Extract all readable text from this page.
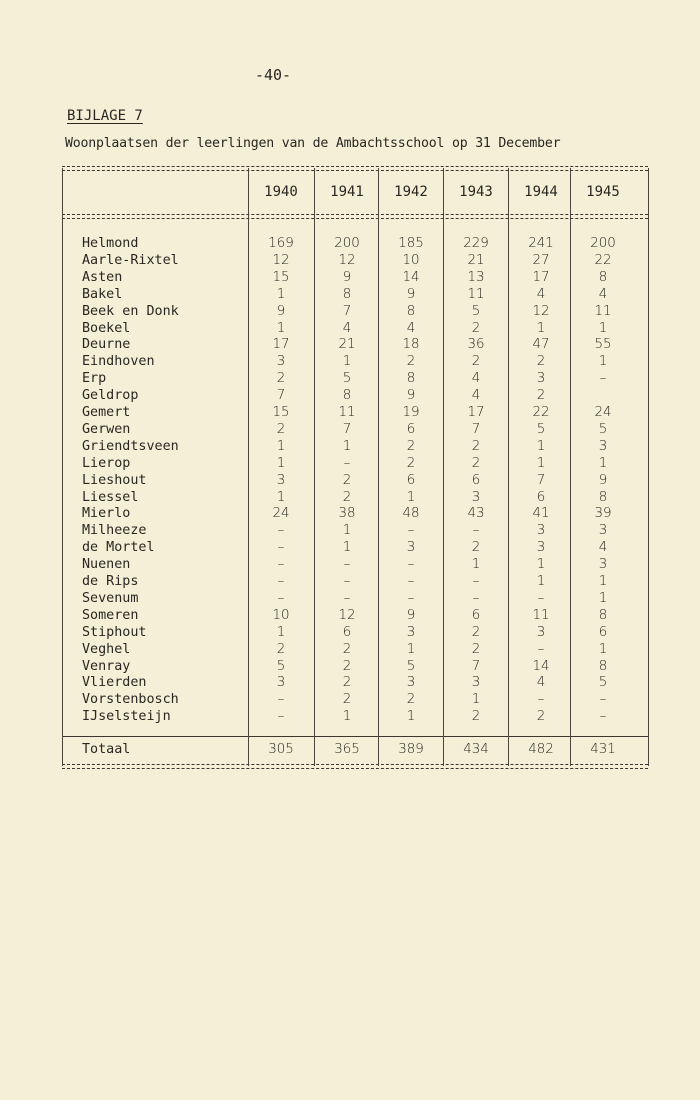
-40-
BIJLAGE 7
Woonplaatsen der leerlingen van de Ambachtsschool op 31 December
1940	1941	1942	1943	1944	1945
Helmond	169	200	185	229	241	200
Aarle-Rixtel	12	12	10	21	27	22
Asten	15	9	14	13	17	8
Bakel	1	8	9	11	4	4
Beek en Donk	9	7	8	5	12	11
Boekel	1	4	4	2	1	1
Deurne	17	21	18	36	47	55
Eindhoven	3	1	2	2	2	1
Erp	2	5	8	4	3	–
Geldrop	7	8	9	4	2
Gemert	15	11	19	17	22	24
Gerwen	2	7	6	7	5	5
Griendtsveen	1	1	2	2	1	3
Lierop	1	–	2	2	1	1
Lieshout	3	2	6	6	7	9
Liessel	1	2	1	3	6	8
Mierlo	24	38	48	43	41	39
Milheeze	–	1	–	–	3	3
de Mortel	–	1	3	2	3	4
Nuenen	–	–	–	1	1	3
de Rips	–	–	–	–	1	1
Sevenum	–	–	–	–	–	1
Someren	10	12	9	6	11	8
Stiphout	1	6	3	2	3	6
Veghel	2	2	1	2	–	1
Venray	5	2	5	7	14	8
Vlierden	3	2	3	3	4	5
Vorstenbosch	–	2	2	1	–	–
IJselsteijn	–	1	1	2	2	–
Totaal	305	365	389	434	482	431
